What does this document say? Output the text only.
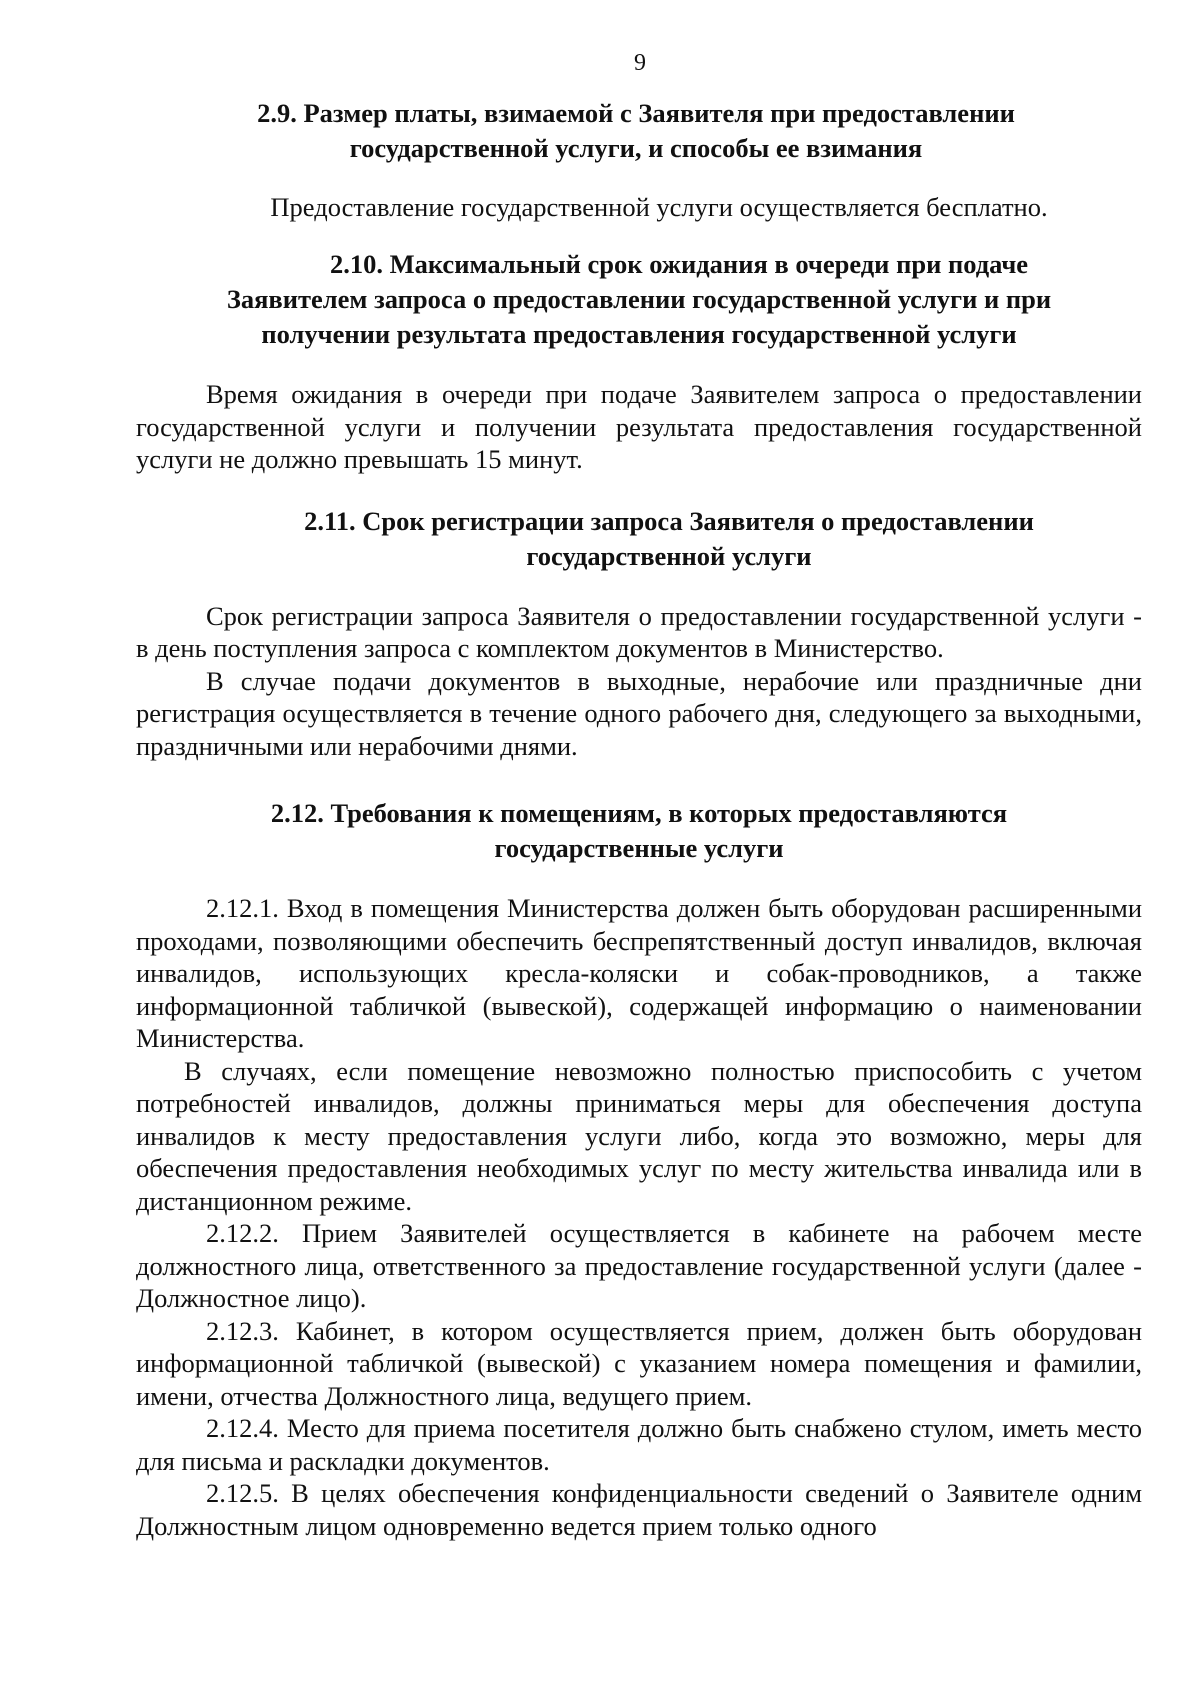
9

2.9. Размер платы, взимаемой с Заявителя при предоставлении

государственной услуги, и способы ее взимания

Предоставление государственной услуги осуществляется бесплатно.

2.10. Максимальный срок ожидания в очереди при подаче

Заявителем запроса о предоставлении государственной услуги и при

получении результата предоставления государственной услуги

Время ожидания в очереди при подаче Заявителем запроса о предоставлении государственной услуги и получении результата предоставления государственной услуги не должно превышать 15 минут.

2.11. Срок регистрации запроса Заявителя о предоставлении

государственной услуги

Срок регистрации запроса Заявителя о предоставлении государственной услуги - в день поступления запроса с комплектом документов в Министерство.

В случае подачи документов в выходные, нерабочие или праздничные дни регистрация осуществляется в течение одного рабочего дня, следующего за выходными, праздничными или нерабочими днями.

2.12. Требования к помещениям, в которых предоставляются

государственные услуги

2.12.1. Вход в помещения Министерства должен быть оборудован расширенными проходами, позволяющими обеспечить беспрепятственный доступ инвалидов, включая инвалидов, использующих кресла-коляски и собак-проводников, а также информационной табличкой (вывеской), содержащей информацию о наименовании Министерства.

В случаях, если помещение невозможно полностью приспособить с учетом потребностей инвалидов, должны приниматься меры для обеспечения доступа инвалидов к месту предоставления услуги либо, когда это возможно, меры для обеспечения предоставления необходимых услуг по месту жительства инвалида или в дистанционном режиме.

2.12.2. Прием Заявителей осуществляется в кабинете на рабочем месте должностного лица, ответственного за предоставление государственной услуги (далее - Должностное лицо).

2.12.3. Кабинет, в котором осуществляется прием, должен быть оборудован информационной табличкой (вывеской) с указанием номера помещения и фамилии, имени, отчества Должностного лица, ведущего прием.

2.12.4. Место для приема посетителя должно быть снабжено стулом, иметь место для письма и раскладки документов.

2.12.5. В целях обеспечения конфиденциальности сведений о Заявителе одним Должностным лицом одновременно ведется прием только одного
